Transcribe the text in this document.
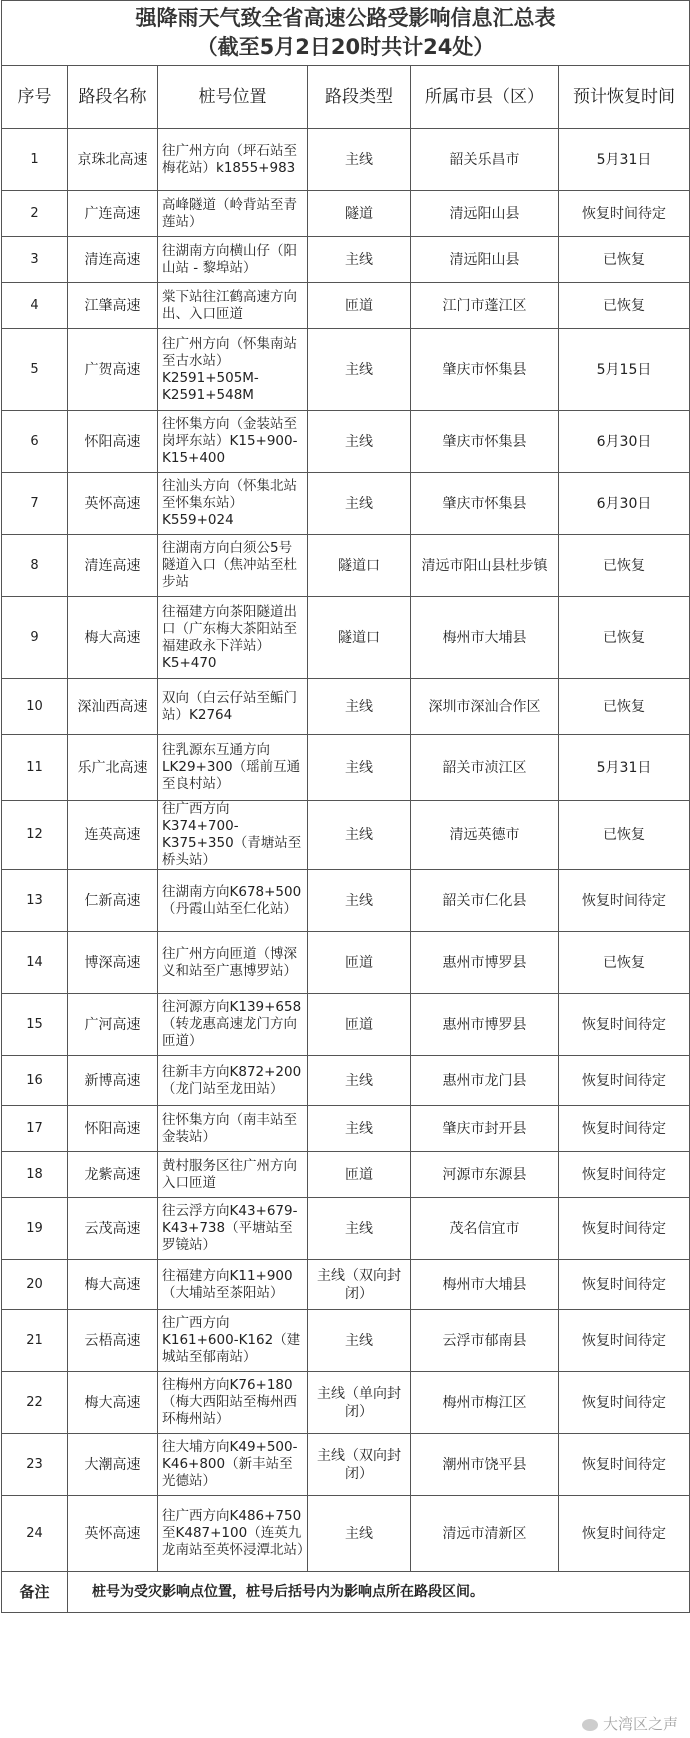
强降雨天气致全省高速公路受影响信息汇总表
（截至5月2日20时共计24处）					

序号	路段名称	桩号位置	路段类型	所属市县（区）	预计恢复时间
1	京珠北高速	往广州方向（坪石站至梅花站）k1855+983	主线	韶关乐昌市	5月31日
2	广连高速	高峰隧道（岭背站至青莲站）	隧道	清远阳山县	恢复时间待定
3	清连高速	往湖南方向横山仔（阳山站 - 黎埠站）	主线	清远阳山县	已恢复
4	江肇高速	棠下站往江鹤高速方向出、入口匝道	匝道	江门市蓬江区	已恢复
5	广贺高速	往广州方向（怀集南站至古水站）K2591+505M-K2591+548M	主线	肇庆市怀集县	5月15日
6	怀阳高速	往怀集方向（金装站至岗坪东站）K15+900-K15+400	主线	肇庆市怀集县	6月30日
7	英怀高速	往汕头方向（怀集北站至怀集东站）K559+024	主线	肇庆市怀集县	6月30日
8	清连高速	往湖南方向白须公5号隧道入口（焦冲站至杜步站	隧道口	清远市阳山县杜步镇	已恢复
9	梅大高速	往福建方向茶阳隧道出口（广东梅大茶阳站至福建政永下洋站）K5+470	隧道口	梅州市大埔县	已恢复
10	深汕西高速	双向（白云仔站至鲘门站）K2764	主线	深圳市深汕合作区	已恢复
11	乐广北高速	往乳源东互通方向LK29+300（瑶前互通至良村站）	主线	韶关市浈江区	5月31日
12	连英高速	往广西方向K374+700-K375+350（青塘站至桥头站）	主线	清远英德市	已恢复
13	仁新高速	往湖南方向K678+500（丹霞山站至仁化站）	主线	韶关市仁化县	恢复时间待定
14	博深高速	往广州方向匝道（博深义和站至广惠博罗站）	匝道	惠州市博罗县	已恢复
15	广河高速	往河源方向K139+658（转龙惠高速龙门方向匝道）	匝道	惠州市博罗县	恢复时间待定
16	新博高速	往新丰方向K872+200（龙门站至龙田站）	主线	惠州市龙门县	恢复时间待定
17	怀阳高速	往怀集方向（南丰站至金装站）	主线	肇庆市封开县	恢复时间待定
18	龙紫高速	黄村服务区往广州方向入口匝道	匝道	河源市东源县	恢复时间待定
19	云茂高速	往云浮方向K43+679-K43+738（平塘站至罗镜站）	主线	茂名信宜市	恢复时间待定
20	梅大高速	往福建方向K11+900（大埔站至茶阳站）	主线（双向封闭）	梅州市大埔县	恢复时间待定
21	云梧高速	往广西方向K161+600-K162（建城站至郁南站）	主线	云浮市郁南县	恢复时间待定
22	梅大高速	往梅州方向K76+180（梅大西阳站至梅州西环梅州站）	主线（单向封闭）	梅州市梅江区	恢复时间待定
23	大潮高速	往大埔方向K49+500-K46+800（新丰站至光德站）	主线（双向封闭）	潮州市饶平县	恢复时间待定
24	英怀高速	往广西方向K486+750至K487+100（连英九龙南站至英怀浸潭北站）	主线	清远市清新区	恢复时间待定
备注	桩号为受灾影响点位置，桩号后括号内为影响点所在路段区间。				
大湾区之声
